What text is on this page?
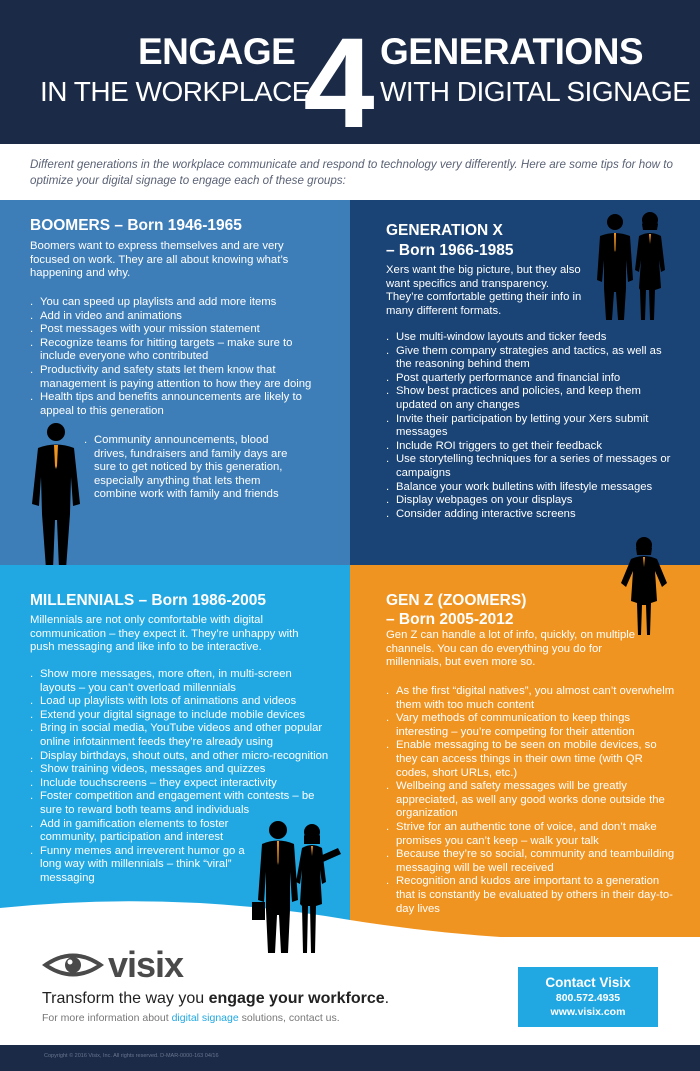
ENGAGE
IN THE WORKPLACE
4 GENERATIONS
WITH DIGITAL SIGNAGE
Different generations in the workplace communicate and respond to technology very differently. Here are some tips for how to optimize your digital signage to engage each of these groups:
BOOMERS – Born 1946-1965
Boomers want to express themselves and are very focused on work. They are all about knowing what’s happening and why.
. You can speed up playlists and add more items
. Add in video and animations
. Post messages with your mission statement
. Recognize teams for hitting targets – make sure to include everyone who contributed
. Productivity and safety stats let them know that management is paying attention to how they are doing
. Health tips and benefits announcements are likely to appeal to this generation
. Community announcements, blood drives, fundraisers and family days are sure to get noticed by this generation, especially anything that lets them combine work with family and friends
GENERATION X
– Born 1966-1985
Xers want the big picture, but they also want specifics and transparency. They’re comfortable getting their info in many different formats.
. Use multi-window layouts and ticker feeds
. Give them company strategies and tactics, as well as the reasoning behind them
. Post quarterly performance and financial info
. Show best practices and policies, and keep them updated on any changes
. Invite their participation by letting your Xers submit messages
. Include ROI triggers to get their feedback
. Use storytelling techniques for a series of messages or campaigns
. Balance your work bulletins with lifestyle messages
. Display webpages on your displays
. Consider adding interactive screens
MILLENNIALS – Born 1986-2005
Millennials are not only comfortable with digital communication – they expect it. They’re unhappy with push messaging and like info to be interactive.
. Show more messages, more often, in multi-screen layouts – you can’t overload millennials
. Load up playlists with lots of animations and videos
. Extend your digital signage to include mobile devices
. Bring in social media, YouTube videos and other popular online infotainment feeds they’re already using
. Display birthdays, shout outs, and other micro-recognition
. Show training videos, messages and quizzes
. Include touchscreens – they expect interactivity
. Foster competition and engagement with contests – be sure to reward both teams and individuals
. Add in gamification elements to foster community, participation and interest
. Funny memes and irreverent humor go a long way with millennials – think “viral” messaging
GEN Z (ZOOMERS)
– Born 2005-2012
Gen Z can handle a lot of info, quickly, on multiple channels. You can do everything you do for millennials, but even more so.
. As the first “digital natives”, you almost can’t overwhelm them with too much content
. Vary methods of communication to keep things interesting – you’re competing for their attention
. Enable messaging to be seen on mobile devices, so they can access things in their own time (with QR codes, short URLs, etc.)
. Wellbeing and safety messages will be greatly appreciated, as well any good works done outside the organization
. Strive for an authentic tone of voice, and don’t make promises you can’t keep – walk your talk
. Because they’re so social, community and teambuilding messaging will be well received
. Recognition and kudos are important to a generation that is constantly be evaluated by others in their day-to-day lives
visix
Transform the way you engage your workforce.
For more information about digital signage solutions, contact us.
Contact Visix
800.572.4935
www.visix.com
Copyright © 2016 Visix, Inc. All rights reserved. D-MAR-0000-163 04/16
